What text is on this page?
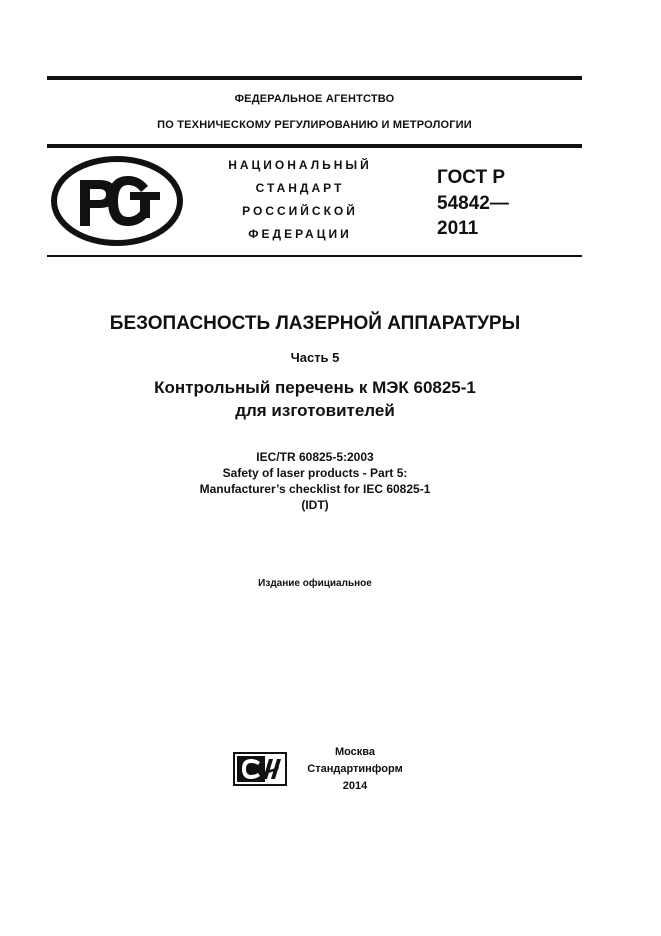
ФЕДЕРАЛЬНОЕ АГЕНТСТВО
ПО ТЕХНИЧЕСКОМУ РЕГУЛИРОВАНИЮ И МЕТРОЛОГИИ
НАЦИОНАЛЬНЫЙ
СТАНДАРТ
РОССИЙСКОЙ
ФЕДЕРАЦИИ
ГОСТ Р
54842—
2011
БЕЗОПАСНОСТЬ ЛАЗЕРНОЙ АППАРАТУРЫ
Часть 5
Контрольный перечень к МЭК 60825-1
для изготовителей
IEC/TR 60825-5:2003
Safety of laser products - Part 5:
Manufacturer’s checklist for IEC 60825-1
(IDT)
Издание официальное
Москва
Стандартинформ
2014
